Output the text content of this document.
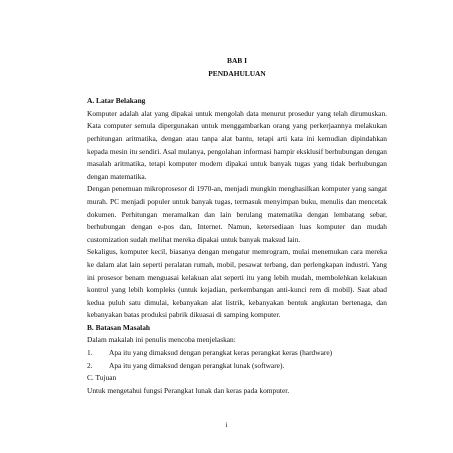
BAB I

PENDAHULUAN

A. Latar Belakang

Komputer adalah alat yang dipakai untuk mengolah data menurut prosedur yang telah dirumuskan. Kata computer semula dipergunakan untuk menggambarkan orang yang perkerjaannya melakukan perhitungan aritmatika, dengan atau tanpa alat bantu, tetapi arti kata ini kemudian dipindahkan kepada mesin itu sendiri. Asal mulanya, pengolahan informasi hampir eksklusif berhubungan dengan masalah aritmatika, tetapi komputer modern dipakai untuk banyak tugas yang tidak berhubungan dengan matematika.

Dengan penemuan mikroprosesor di 1970-an, menjadi mungkin menghasilkan komputer yang sangat murah. PC menjadi populer untuk banyak tugas, termasuk menyimpan buku, menulis dan mencetak dokumen. Perhitungan meramalkan dan lain berulang matematika dengan lembatang sebar, berhubungan dengan e-pos dan, Internet. Namun, ketersediaan luas komputer dan mudah customization sudah melihat mereka dipakai untuk banyak maksud lain.

Sekaligus, komputer kecil, biasanya dengan mengatur memrogram, mulai menemukan cara mereka ke dalam alat lain seperti peralatan rumah, mobil, pesawat terbang, dan perlengkapan industri. Yang ini prosesor benam menguasai kelakuan alat seperti itu yang lebih mudah, membolehkan kelakuan kontrol yang lebih kompleks (untuk kejadian, perkembangan anti-kunci rem di mobil). Saat abad kedua puluh satu dimulai, kebanyakan alat listrik, kebanyakan bentuk angkutan bertenaga, dan kebanyakan batas produksi pabrik dikuasai di samping komputer.

B. Batasan Masalah

Dalam makalah ini penulis mencoba menjelaskan:

1.	Apa itu yang dimaksud dengan perangkat keras perangkat keras (hardware)
2.	Apa itu yang dimaksud dengan perangkat lunak (software).

C. Tujuan

Untuk mengetahui fungsi Perangkat lunak dan keras pada komputer.

i
